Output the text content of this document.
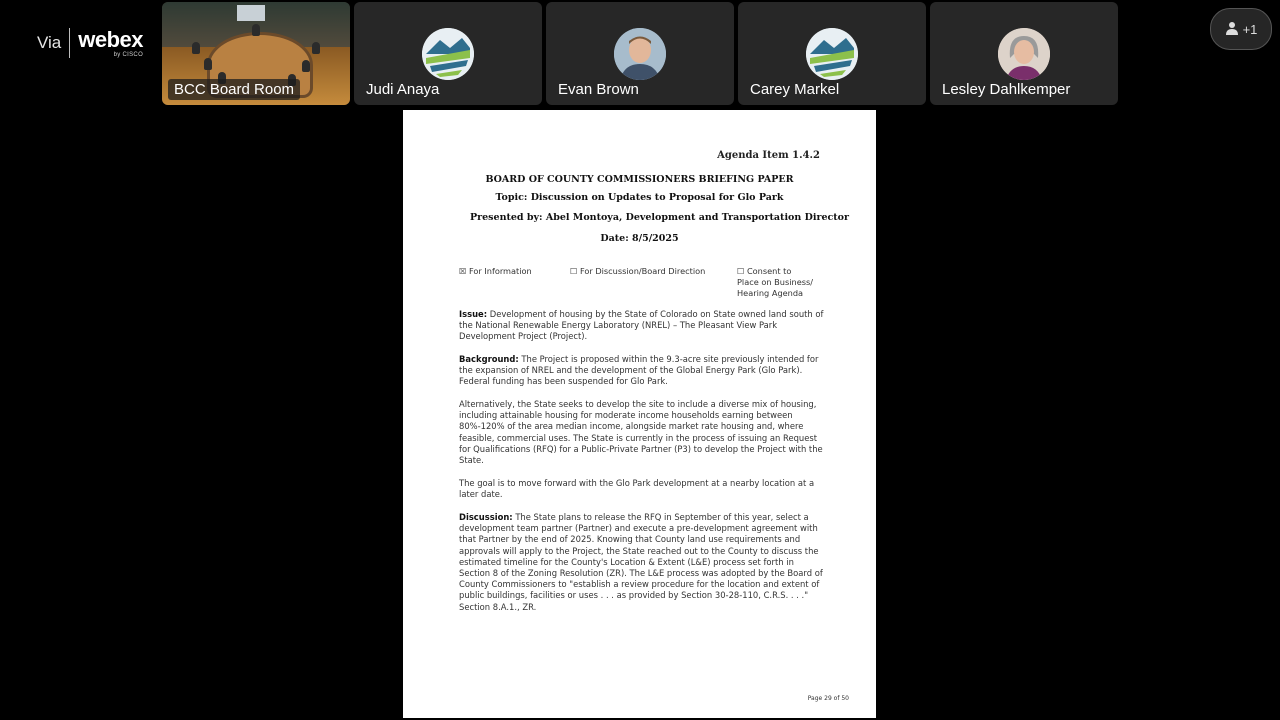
Via webex
by CISCO
BCC Board Room	Judi Anaya	Evan Brown	Carey Markel	Lesley Dahlkemper
+1
Agenda Item 1.4.2
BOARD OF COUNTY COMMISSIONERS BRIEFING PAPER
Topic: Discussion on Updates to Proposal for Glo Park
Presented by: Abel Montoya, Development and Transportation Director
Date: 8/5/2025
☒ For Information	☐ For Discussion/Board Direction	☐ Consent to
Place on Business/
Hearing Agenda
Issue: Development of housing by the State of Colorado on State owned land south of the National Renewable Energy Laboratory (NREL) – The Pleasant View Park Development Project (Project).
Background: The Project is proposed within the 9.3-acre site previously intended for the expansion of NREL and the development of the Global Energy Park (Glo Park). Federal funding has been suspended for Glo Park.
Alternatively, the State seeks to develop the site to include a diverse mix of housing, including attainable housing for moderate income households earning between 80%-120% of the area median income, alongside market rate housing and, where feasible, commercial uses. The State is currently in the process of issuing an Request for Qualifications (RFQ) for a Public-Private Partner (P3) to develop the Project with the State.
The goal is to move forward with the Glo Park development at a nearby location at a later date.
Discussion: The State plans to release the RFQ in September of this year, select a development team partner (Partner) and execute a pre-development agreement with that Partner by the end of 2025. Knowing that County land use requirements and approvals will apply to the Project, the State reached out to the County to discuss the estimated timeline for the County's Location & Extent (L&E) process set forth in Section 8 of the Zoning Resolution (ZR). The L&E process was adopted by the Board of County Commissioners to "establish a review procedure for the location and extent of public buildings, facilities or uses . . . as provided by Section 30-28-110, C.R.S. . . ." Section 8.A.1., ZR.
Page 29 of 50
